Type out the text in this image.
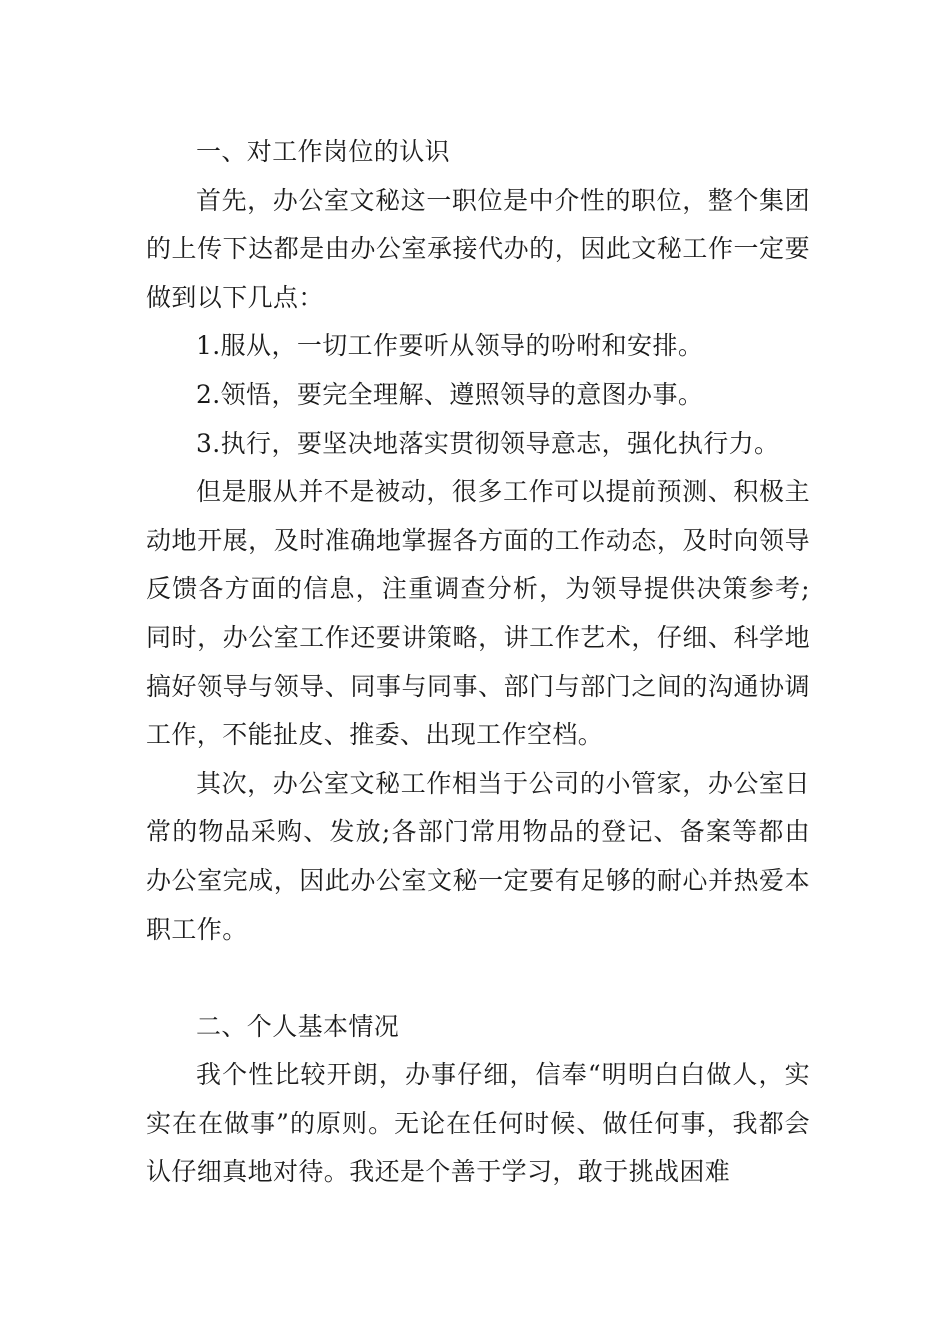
一、对工作岗位的认识

首先，办公室文秘这一职位是中介性的职位，整个集团的上传下达都是由办公室承接代办的，因此文秘工作一定要做到以下几点：

1.服从，一切工作要听从领导的吩咐和安排。

2.领悟，要完全理解、遵照领导的意图办事。

3.执行，要坚决地落实贯彻领导意志，强化执行力。

但是服从并不是被动，很多工作可以提前预测、积极主动地开展，及时准确地掌握各方面的工作动态，及时向领导反馈各方面的信息，注重调查分析，为领导提供决策参考;同时，办公室工作还要讲策略，讲工作艺术，仔细、科学地搞好领导与领导、同事与同事、部门与部门之间的沟通协调工作，不能扯皮、推委、出现工作空档。

其次，办公室文秘工作相当于公司的小管家，办公室日常的物品采购、发放;各部门常用物品的登记、备案等都由办公室完成，因此办公室文秘一定要有足够的耐心并热爱本职工作。

二、个人基本情况

我个性比较开朗，办事仔细，信奉“明明白白做人，实实在在做事”的原则。无论在任何时候、做任何事，我都会认仔细真地对待。我还是个善于学习，敢于挑战困难
